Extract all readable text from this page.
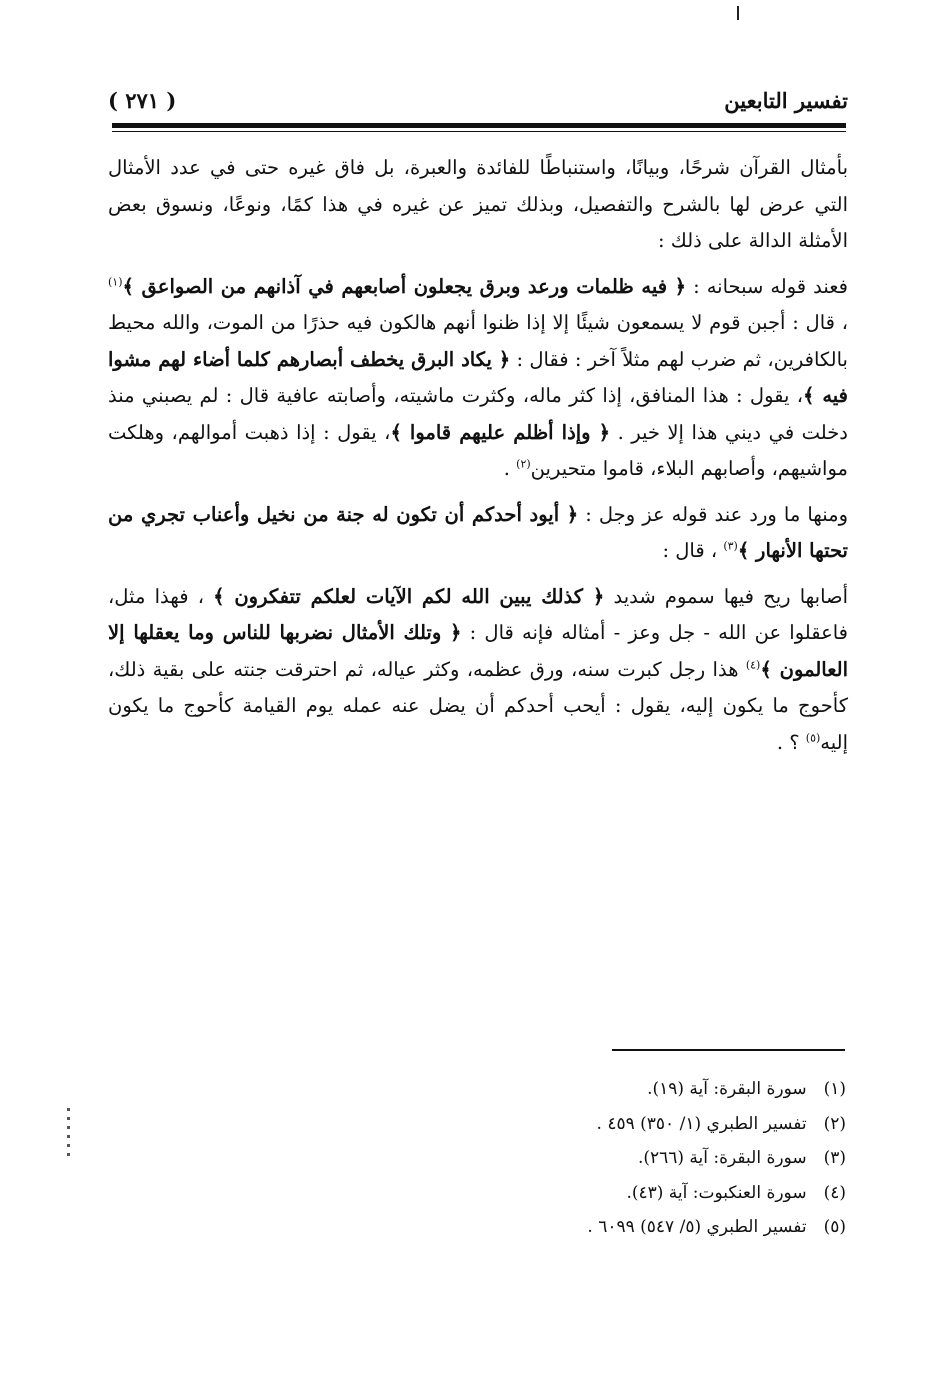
تفسير التابعين
( ٢٧١ )

بأمثال القرآن شرحًا، وبيانًا، واستنباطًا للفائدة والعبرة، بل فاق غيره حتى في عدد الأمثال التي عرض لها بالشرح والتفصيل، وبذلك تميز عن غيره في هذا كمًا، ونوعًا، ونسوق بعض الأمثلة الدالة على ذلك :

فعند قوله سبحانه : ﴿ فيه ظلمات ورعد وبرق يجعلون أصابعهم في آذانهم من الصواعق ﴾$^{(١)}$ ، قال : أجبن قوم لا يسمعون شيئًا إلا إذا ظنوا أنهم هالكون فيه حذرًا من الموت، والله محيط بالكافرين، ثم ضرب لهم مثلاً آخر : فقال : ﴿ يكاد البرق يخطف أبصارهم كلما أضاء لهم مشوا فيه ﴾، يقول : هذا المنافق، إذا كثر ماله، وكثرت ماشيته، وأصابته عافية قال : لم يصبني منذ دخلت في ديني هذا إلا خير . ﴿ وإذا أظلم عليهم قاموا ﴾، يقول : إذا ذهبت أموالهم، وهلكت مواشيهم، وأصابهم البلاء، قاموا متحيرين$^{(٢)}$ .

ومنها ما ورد عند قوله عز وجل : ﴿ أيود أحدكم أن تكون له جنة من نخيل وأعناب تجري من تحتها الأنهار ﴾$^{(٣)}$ ، قال :

أصابها ريح فيها سموم شديد ﴿ كذلك يبين الله لكم الآيات لعلكم تتفكرون ﴾ ، فهذا مثل، فاعقلوا عن الله - جل وعز - أمثاله فإنه قال : ﴿ وتلك الأمثال نضربها للناس وما يعقلها إلا العالمون ﴾$^{(٤)}$ هذا رجل كبرت سنه، ورق عظمه، وكثر عياله، ثم احترقت جنته على بقية ذلك، كأحوج ما يكون إليه، يقول : أيحب أحدكم أن يضل عنه عمله يوم القيامة كأحوج ما يكون إليه$^{(٥)}$ ؟ .

(١) سورة البقرة: آية (١٩).
(٢) تفسير الطبري (١/ ٣٥٠) ٤٥٩ .
(٣) سورة البقرة: آية (٢٦٦).
(٤) سورة العنكبوت: آية (٤٣).
(٥) تفسير الطبري (٥/ ٥٤٧) ٦٠٩٩ .
